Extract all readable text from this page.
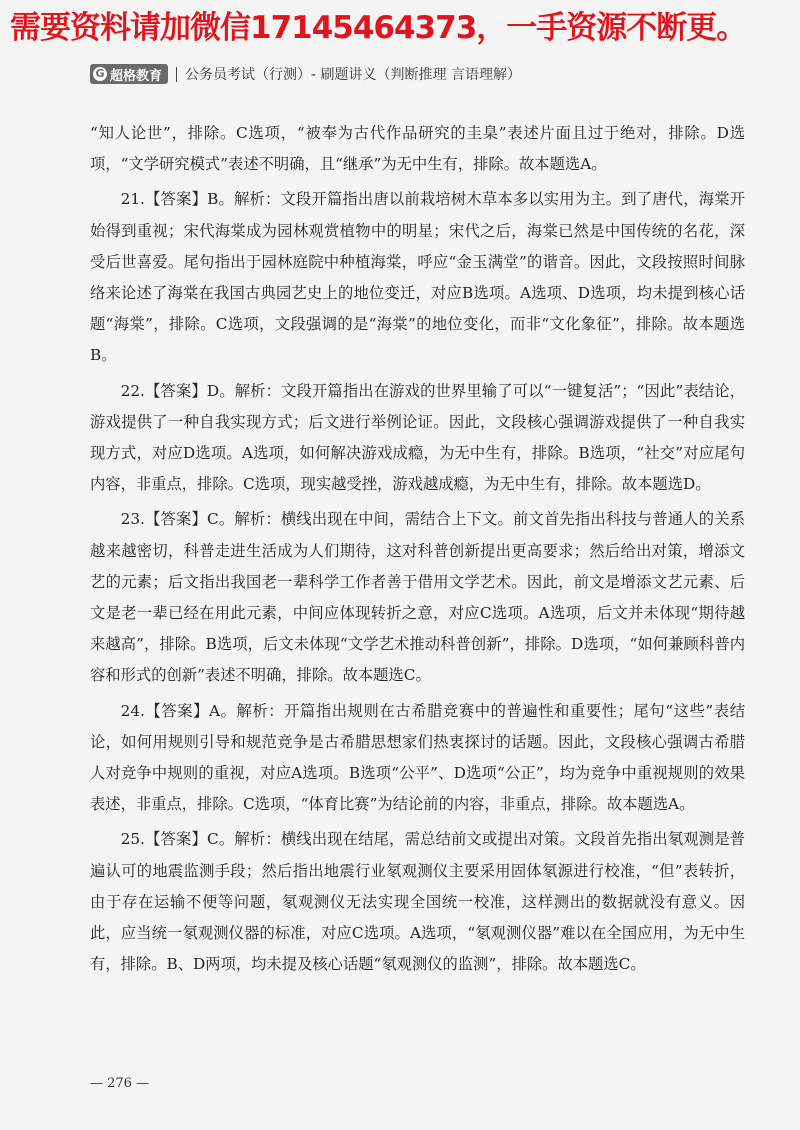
需要资料请加微信17145464373，一手资源不断更。
G 超格教育 公务员考试（行测）- 刷题讲义（判断推理 言语理解）

“知人论世”，排除。C选项，“被奉为古代作品研究的圭臬”表述片面且过于绝对，排除。D选项，“文学研究模式”表述不明确，且“继承”为无中生有，排除。故本题选A。

21.【答案】B。解析：文段开篇指出唐以前栽培树木草本多以实用为主。到了唐代，海棠开始得到重视；宋代海棠成为园林观赏植物中的明星；宋代之后，海棠已然是中国传统的名花，深受后世喜爱。尾句指出于园林庭院中种植海棠，呼应“金玉满堂”的谐音。因此，文段按照时间脉络来论述了海棠在我国古典园艺史上的地位变迁，对应B选项。A选项、D选项，均未提到核心话题“海棠”，排除。C选项，文段强调的是“海棠”的地位变化，而非“文化象征”，排除。故本题选B。

22.【答案】D。解析：文段开篇指出在游戏的世界里输了可以“一键复活”；“因此”表结论，游戏提供了一种自我实现方式；后文进行举例论证。因此，文段核心强调游戏提供了一种自我实现方式，对应D选项。A选项，如何解决游戏成瘾，为无中生有，排除。B选项，“社交”对应尾句内容，非重点，排除。C选项，现实越受挫，游戏越成瘾，为无中生有，排除。故本题选D。

23.【答案】C。解析：横线出现在中间，需结合上下文。前文首先指出科技与普通人的关系越来越密切，科普走进生活成为人们期待，这对科普创新提出更高要求；然后给出对策，增添文艺的元素；后文指出我国老一辈科学工作者善于借用文学艺术。因此，前文是增添文艺元素、后文是老一辈已经在用此元素，中间应体现转折之意，对应C选项。A选项，后文并未体现“期待越来越高”，排除。B选项，后文未体现“文学艺术推动科普创新”，排除。D选项，“如何兼顾科普内容和形式的创新”表述不明确，排除。故本题选C。

24.【答案】A。解析：开篇指出规则在古希腊竞赛中的普遍性和重要性；尾句“这些”表结论，如何用规则引导和规范竞争是古希腊思想家们热衷探讨的话题。因此，文段核心强调古希腊人对竞争中规则的重视，对应A选项。B选项“公平”、D选项“公正”，均为竞争中重视规则的效果表述，非重点，排除。C选项，“体育比赛”为结论前的内容，非重点，排除。故本题选A。

25.【答案】C。解析：横线出现在结尾，需总结前文或提出对策。文段首先指出氡观测是普遍认可的地震监测手段；然后指出地震行业氡观测仪主要采用固体氡源进行校准，“但”表转折，由于存在运输不便等问题，氡观测仪无法实现全国统一校准，这样测出的数据就没有意义。因此，应当统一氡观测仪器的标准，对应C选项。A选项，“氡观测仪器”难以在全国应用，为无中生有，排除。B、D两项，均未提及核心话题“氡观测仪的监测”，排除。故本题选C。

— 276 —
